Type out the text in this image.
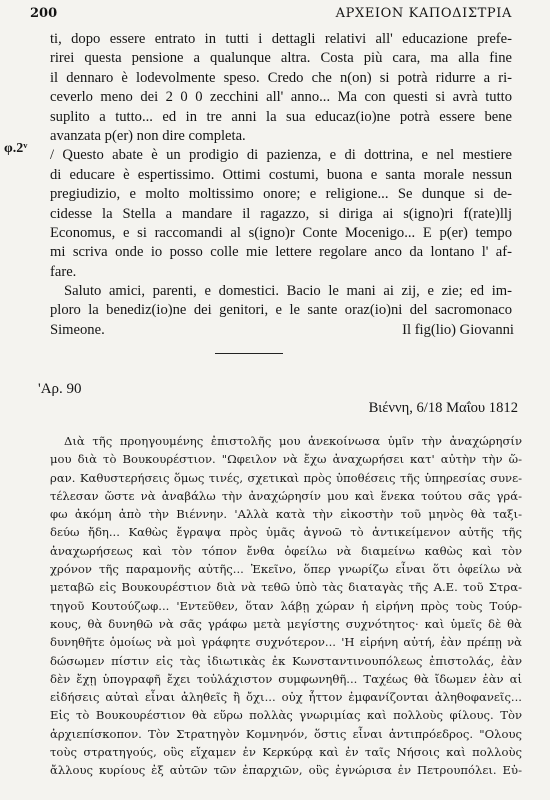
200	ΑΡΧΕΙΟΝ ΚΑΠΟΔΙΣΤΡΙΑ
φ.2ᵛ
ti, dopo essere entrato in tutti i dettagli relativi all' educazione prefe-
rirei questa pensione a qualunque altra. Costa più cara, ma alla fine
il dennaro è lodevolmente speso. Credo che n(on) si potrà ridurre a ri-
ceverlo meno dei 2 0 0 zecchini all' anno... Ma con questi si avrà tutto
suplito a tutto... ed in tre anni la sua educaz(io)ne potrà essere bene
avanzata p(er) non dire completa.
/ Questo abate è un prodigio di pazienza, e di dottrina, e nel mestiere
di educare è espertissimo. Ottimi costumi, buona e santa morale nessun
pregiudizio, e molto moltissimo onore; e religione... Se dunque si de-
cidesse la Stella a mandare il ragazzo, si diriga ai s(igno)ri f(rate)llj
Economus, e si raccomandi al s(igno)r Conte Mocenigo... E p(er) tempo
mi scriva onde io posso colle mie lettere regolare anco da lontano l' af-
fare.
Saluto amici, parenti, e domestici. Bacio le mani ai zij, e zie; ed im-
ploro la benediz(io)ne dei genitori, e le sante oraz(io)ni del sacromonaco
Simeone.	Il fig(lio) Giovanni
'Αρ. 90
Βιέννη, 6/18 Μαΐου 1812
Διὰ τῆς προηγουμένης ἐπιστολῆς μου ἀνεκοίνωσα ὑμῖν τὴν ἀναχώρησίν
μου διὰ τὸ Βουκουρέστιον. "Ωφειλον νὰ ἔχω ἀναχωρήσει κατ' αὐτὴν τὴν ὥ-
ραν. Καθυστερήσεις ὅμως τινές, σχετικαὶ πρὸς ὑποθέσεις τῆς ὑπηρεσίας συνε-
τέλεσαν ὥστε νὰ ἀναβάλω τὴν ἀναχώρησίν μου καὶ ἕνεκα τούτου σᾶς γρά-
φω ἀκόμη ἀπὸ τὴν Βιέννην. 'Αλλὰ κατὰ τὴν εἰκοστὴν τοῦ μηνὸς θὰ ταξι-
δεύω ἤδη... Καθὼς ἔγραψα πρὸς ὑμᾶς ἀγνοῶ τὸ ἀντικείμενον αὐτῆς τῆς
ἀναχωρήσεως καὶ τὸν τόπον ἔνθα ὀφείλω νὰ διαμείνω καθὼς καὶ τὸν
χρόνον τῆς παραμονῆς αὐτῆς... Ἐκεῖνο, ὅπερ γνωρίζω εἶναι ὅτι ὀφείλω νὰ
μεταβῶ εἰς Βουκουρέστιον διὰ νὰ τεθῶ ὑπὸ τὰς διαταγὰς τῆς Α.Ε. τοῦ Στρα-
τηγοῦ Κουτούζωφ... 'Εντεῦθεν, ὅταν λάβῃ χώραν ἡ εἰρήνη πρὸς τοὺς Τούρ-
κους, θὰ δυνηθῶ νὰ σᾶς γράφω μετὰ μεγίστης συχνότητος· καὶ ὑμεῖς δὲ θὰ
δυνηθῆτε ὁμοίως νὰ μοὶ γράφητε συχνότερον... 'Η εἰρήνη αὐτή, ἐὰν πρέπῃ νὰ
δώσωμεν πίστιν εἰς τὰς ἰδιωτικὰς ἐκ Κωνσταντινουπόλεως ἐπιστολάς, ἐὰν
δὲν ἔχῃ ὑπογραφῆ ἔχει τοὐλάχιστον συμφωνηθῆ... Ταχέως θὰ ἴδωμεν ἐὰν αἱ
εἰδήσεις αὐταὶ εἶναι ἀληθεῖς ἢ ὄχι... οὐχ ἧττον ἐμφανίζονται ἀληθοφανεῖς...
Εἰς τὸ Βουκουρέστιον θὰ εὕρω πολλὰς γνωριμίας καὶ πολλοὺς φίλους. Τὸν
ἀρχιεπίσκοπον. Τὸν Στρατηγὸν Κομνηνόν, ὅστις εἶναι ἀντιπρόεδρος. "Ολους
τοὺς στρατηγούς, οὓς εἴχαμεν ἐν Κερκύρᾳ καὶ ἐν ταῖς Νήσοις καὶ πολλοὺς
ἄλλους κυρίους ἐξ αὐτῶν τῶν ἐπαρχιῶν, οὓς ἐγνώρισα ἐν Πετρουπόλει. Εὐ-
